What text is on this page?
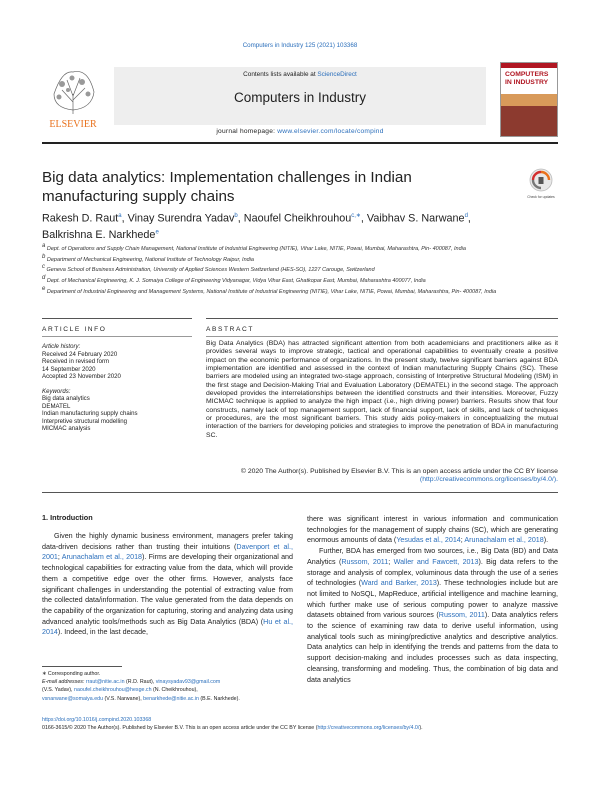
Computers in Industry 125 (2021) 103368
ELSEVIER
Contents lists available at ScienceDirect
Computers in Industry
journal homepage: www.elsevier.com/locate/compind
COMPUTERS IN INDUSTRY
Big data analytics: Implementation challenges in Indian manufacturing supply chains	Check for updates
Rakesh D. Raut$^a$, Vinay Surendra Yadav$^b$, Naoufel Cheikhrouhou$^{c,∗}$, Vaibhav S. Narwane$^d$,
Balkrishna E. Narkhede$^e$

$^a$ Dept. of Operations and Supply Chain Management, National Institute of Industrial Engineering (NITIE), Vihar Lake, NITIE, Powai, Mumbai, Maharashtra, Pin- 400087, India

$^b$ Department of Mechanical Engineering, National Institute of Technology Raipur, India

$^c$ Geneva School of Business Administration, University of Applied Sciences Western Switzerland (HES-SO), 1227 Carouge, Switzerland

$^d$ Dept. of Mechanical Engineering, K. J. Somaiya College of Engineering Vidyanagar, Vidya Vihar East, Ghatkopar East, Mumbai, Maharashtra 400077, India

$^e$ Department of Industrial Engineering and Management Systems, National Institute of Industrial Engineering (NITIE), Vihar Lake, NITIE, Powai, Mumbai, Maharashtra, Pin- 400087, India

ARTICLE INFO	ABSTRACT

Article history:

Received 24 February 2020

Received in revised form

14 September 2020

Accepted 23 November 2020

Keywords:

Big data analytics

DEMATEL

Indian manufacturing supply chains

Interpretive structural modelling

MICMAC analysis

Big Data Analytics (BDA) has attracted significant attention from both academicians and practitioners alike as it provides several ways to improve strategic, tactical and operational capabilities to eventually create a positive impact on the economic performance of organizations. In the present study, twelve significant barriers against BDA implementation are identified and assessed in the context of Indian manufacturing Supply Chains (SC). These barriers are modeled using an integrated two-stage approach, consisting of Interpretive Structural Modeling (ISM) in the first stage and Decision-Making Trial and Evaluation Laboratory (DEMATEL) in the second stage. The approach developed provides the interrelationships between the identified constructs and their intensities. Moreover, Fuzzy MICMAC technique is applied to analyze the high impact (i.e., high driving power) barriers. Results show that four constructs, namely lack of top management support, lack of financial support, lack of skills, and lack of techniques or procedures, are the most significant barriers. This study aids policy-makers in conceptualizing the mutual interaction of the barriers for developing policies and strategies to improve the penetration of BDA in manufacturing SC.

© 2020 The Author(s). Published by Elsevier B.V. This is an open access article under the CC BY license
(http://creativecommons.org/licenses/by/4.0/).
1. Introduction

Given the highly dynamic business environment, managers prefer taking data-driven decisions rather than trusting their intuitions (Davenport et al., 2001; Arunachalam et al., 2018). Firms are developing their organizational and technological capabilities for extracting value from the data, which will provide them a competitive edge over the other firms. However, analysts face significant challenges in understanding the potential of extracting value from the collected data/information. The value generated from the data depends on the capability of the organization for capturing, storing and analyzing data using advanced analytic tools/methods such as Big Data Analytics (BDA) (Hu et al., 2014). Indeed, in the last decade,

there was significant interest in various information and communication technologies for the management of supply chains (SC), which are generating enormous amounts of data (Yesudas et al., 2014; Arunachalam et al., 2018).

Further, BDA has emerged from two sources, i.e., Big Data (BD) and Data Analytics (Russom, 2011; Waller and Fawcett, 2013). Big data refers to the storage and analysis of complex, voluminous data through the use of a series of technologies (Ward and Barker, 2013). These technologies include but are not limited to NoSQL, MapReduce, artificial intelligence and machine learning, which further make use of serious computing power to analyze massive datasets obtained from various sources (Russom, 2011). Data analytics refers to the science of examining raw data to derive useful information, using analytical tools such as mining/predictive analytics and descriptive analytics. Data analytics can help in identifying the trends and patterns from the data to support decision-making and includes processes such as data inspecting, cleansing, transforming and modeling. Thus, the combination of big data and data analytics

∗ Corresponding author.

E-mail addresses: rraut@nitie.ac.in (R.D. Raut), vinaysyadav93@gmail.com

(V.S. Yadav), naoufel.cheikhrouhou@hesge.ch (N. Cheikhrouhou),

vsnarwane@somaiya.edu (V.S. Narwane), benarkhede@nitie.ac.in (B.E. Narkhede).

https://doi.org/10.1016/j.compind.2020.103368

0166-3615/© 2020 The Author(s). Published by Elsevier B.V. This is an open access article under the CC BY license (http://creativecommons.org/licenses/by/4.0/).
